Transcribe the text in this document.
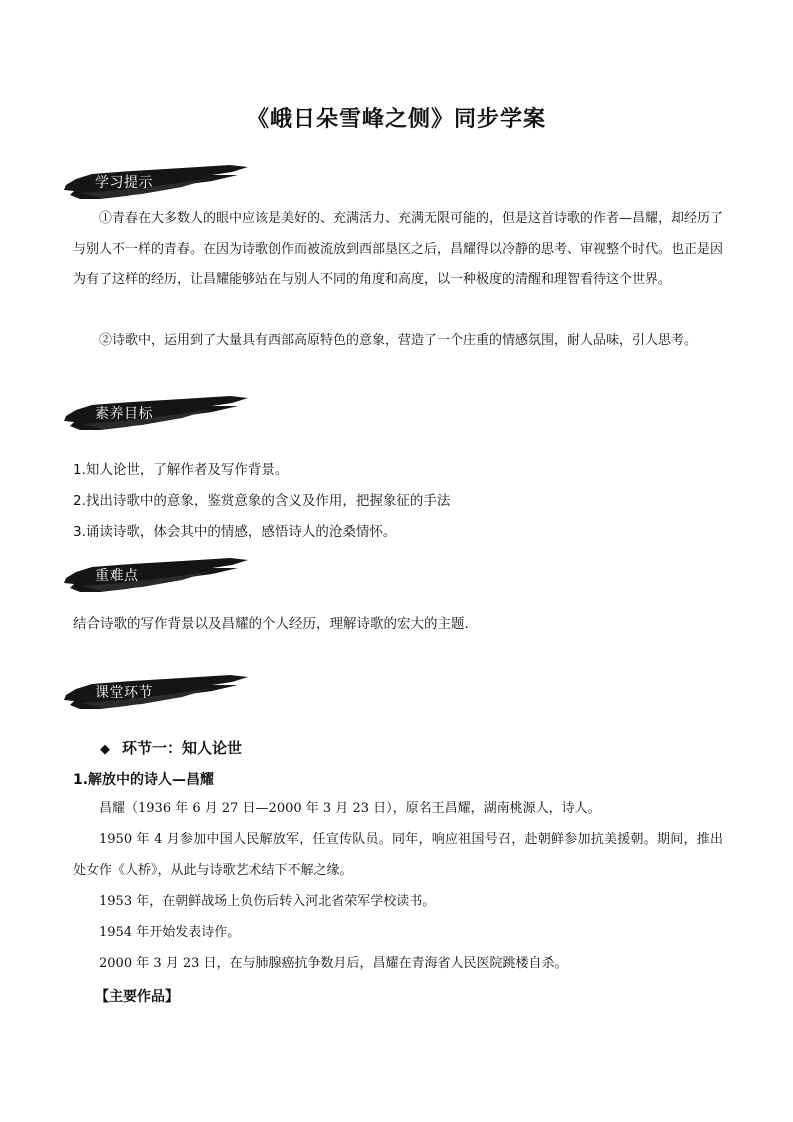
《峨日朵雪峰之侧》同步学案
学习提示
①青春在大多数人的眼中应该是美好的、充满活力、充满无限可能的，但是这首诗歌的作者—昌耀，却经历了与别人不一样的青春。在因为诗歌创作而被流放到西部垦区之后，昌耀得以冷静的思考、审视整个时代。也正是因为有了这样的经历，让昌耀能够站在与别人不同的角度和高度，以一种极度的清醒和理智看待这个世界。
②诗歌中，运用到了大量具有西部高原特色的意象，营造了一个庄重的情感氛围，耐人品味，引人思考。
素养目标
1.知人论世，了解作者及写作背景。
2.找出诗歌中的意象，鉴赏意象的含义及作用，把握象征的手法
3.诵读诗歌，体会其中的情感，感悟诗人的沧桑情怀。
重难点
结合诗歌的写作背景以及昌耀的个人经历，理解诗歌的宏大的主题.
课堂环节
◆ 环节一：知人论世
1.解放中的诗人—昌耀
昌耀（1936 年 6 月 27 日—2000 年 3 月 23 日），原名王昌耀，湖南桃源人，诗人。
1950 年 4 月参加中国人民解放军，任宣传队员。同年，响应祖国号召，赴朝鲜参加抗美援朝。期间，推出处女作《人桥》，从此与诗歌艺术结下不解之缘。
1953 年，在朝鲜战场上负伤后转入河北省荣军学校读书。
1954 年开始发表诗作。
2000 年 3 月 23 日，在与肺腺癌抗争数月后，昌耀在青海省人民医院跳楼自杀。
【主要作品】
